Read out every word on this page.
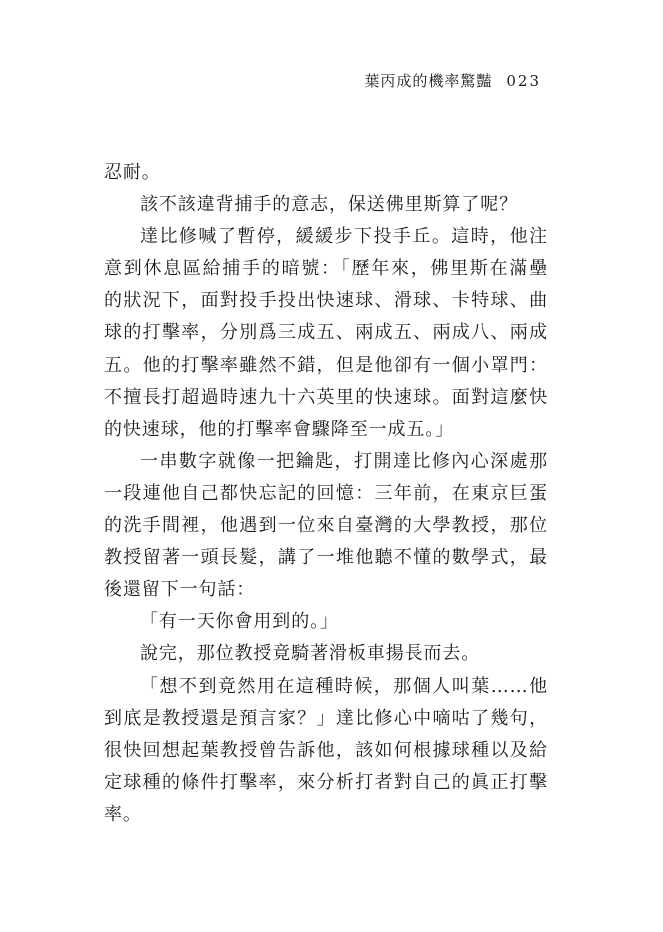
葉丙成的機率驚豔 023

忍耐。

該不該違背捕手的意志，保送佛里斯算了呢？

達比修喊了暫停，緩緩步下投手丘。這時，他注意到休息區給捕手的暗號：「歷年來，佛里斯在滿壘的狀況下，面對投手投出快速球、滑球、卡特球、曲球的打擊率，分別爲三成五、兩成五、兩成八、兩成五。他的打擊率雖然不錯，但是他卻有一個小罩門：不擅長打超過時速九十六英里的快速球。面對這麼快的快速球，他的打擊率會驟降至一成五。」

一串數字就像一把鑰匙，打開達比修內心深處那一段連他自己都快忘記的回憶：三年前，在東京巨蛋的洗手間裡，他遇到一位來自臺灣的大學教授，那位教授留著一頭長髮，講了一堆他聽不懂的數學式，最後還留下一句話：

「有一天你會用到的。」

說完，那位教授竟騎著滑板車揚長而去。

「想不到竟然用在這種時候，那個人叫葉……他到底是教授還是預言家？」達比修心中嘀咕了幾句，很快回想起葉教授曾告訴他，該如何根據球種以及給定球種的條件打擊率，來分析打者對自己的眞正打擊率。
